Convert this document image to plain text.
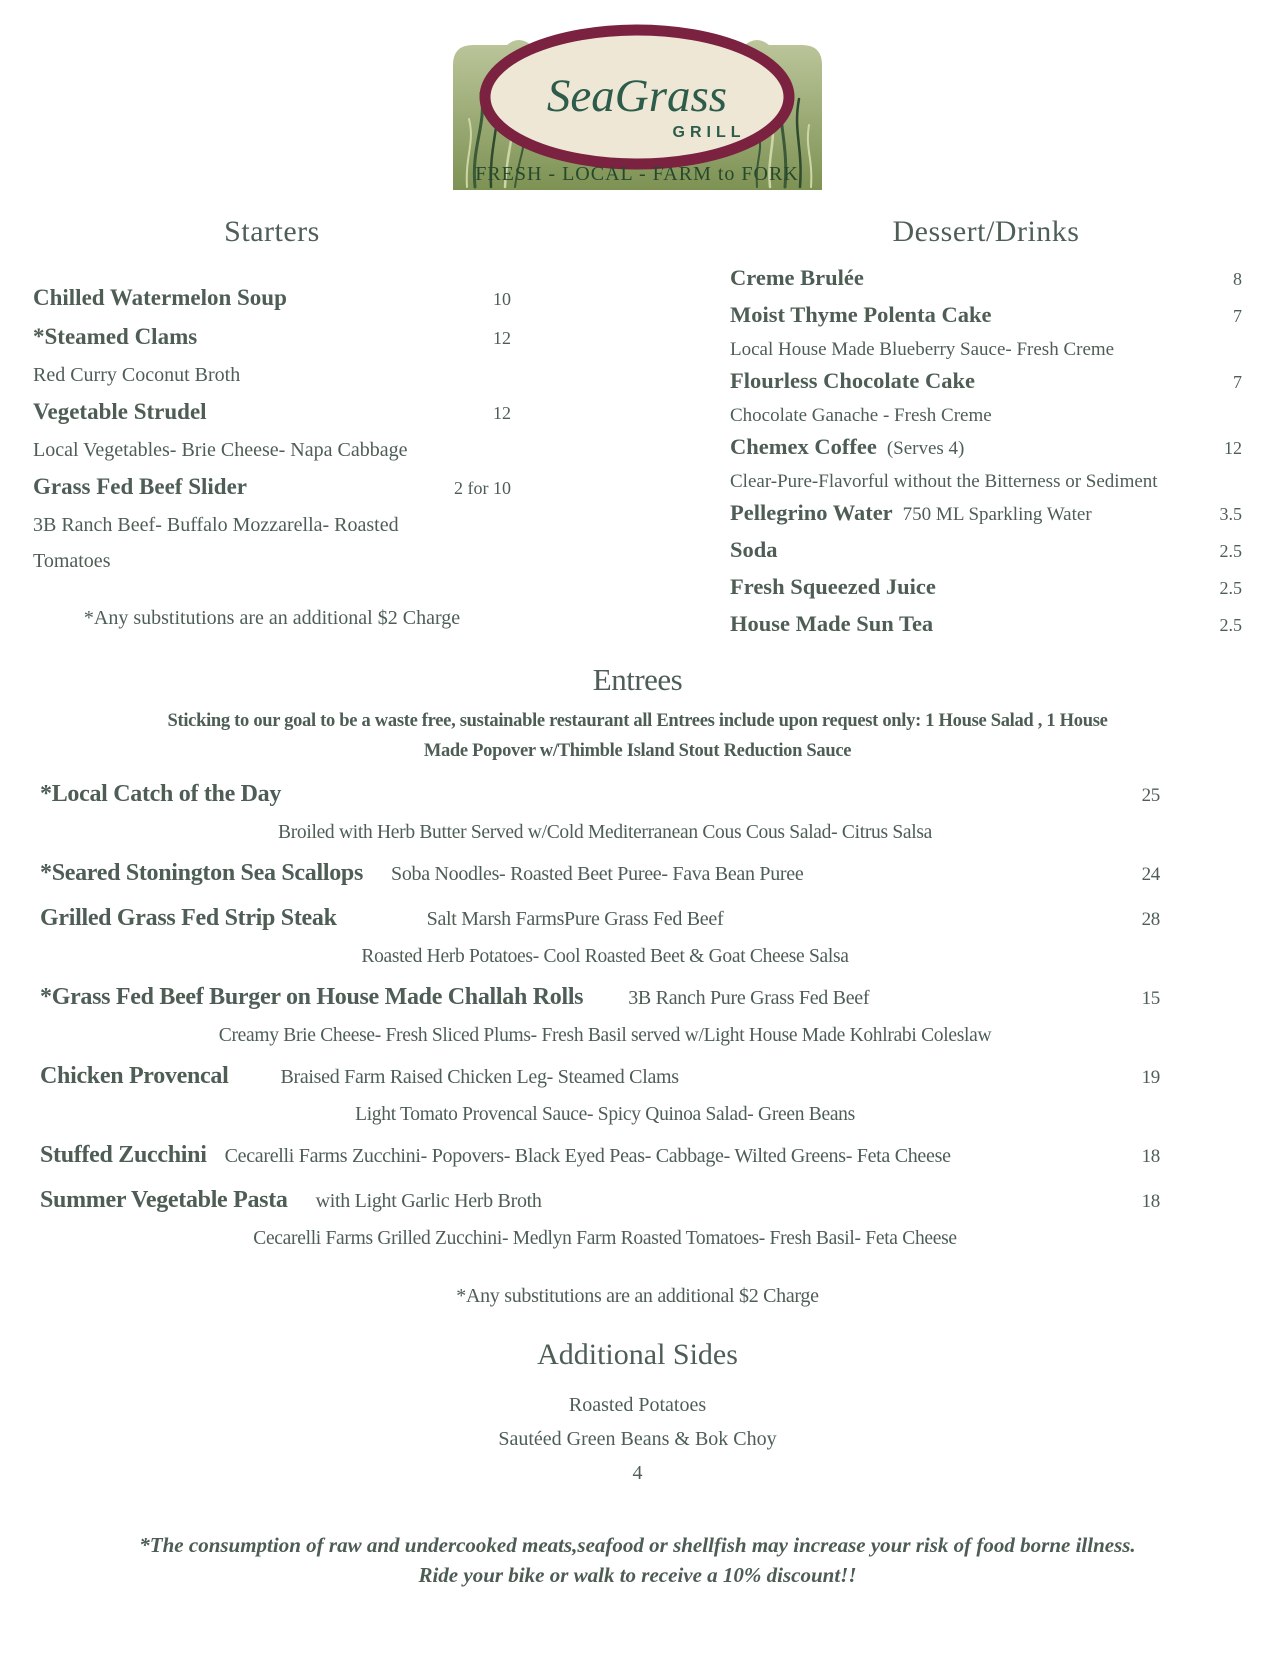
SeaGrass
GRILL
FRESH - LOCAL - FARM to FORK
Starters
Chilled Watermelon Soup	10
*Steamed Clams	12
Red Curry Coconut Broth
Vegetable Strudel	12
Local Vegetables- Brie Cheese- Napa Cabbage
Grass Fed Beef Slider	2 for 10
3B Ranch Beef- Buffalo Mozzarella- Roasted Tomatoes
*Any substitutions are an additional $2 Charge
Dessert/Drinks
Creme Brulée	8
Moist Thyme Polenta Cake	7
Local House Made Blueberry Sauce- Fresh Creme
Flourless Chocolate Cake	7
Chocolate Ganache - Fresh Creme
Chemex Coffee (Serves 4)	12
Clear-Pure-Flavorful without the Bitterness or Sediment
Pellegrino Water 750 ML Sparkling Water	3.5
Soda	2.5
Fresh Squeezed Juice	2.5
House Made Sun Tea	2.5
Entrees
Sticking to our goal to be a waste free, sustainable restaurant all Entrees include upon request only: 1 House Salad , 1 House
Made Popover w/Thimble Island Stout Reduction Sauce
*Local Catch of the Day	25
Broiled with Herb Butter Served w/Cold Mediterranean Cous Cous Salad- Citrus Salsa
*Seared Stonington Sea Scallops Soba Noodles- Roasted Beet Puree- Fava Bean Puree	24
Grilled Grass Fed Strip Steak	Salt Marsh FarmsPure Grass Fed Beef	28
Roasted Herb Potatoes- Cool Roasted Beet & Goat Cheese Salsa
*Grass Fed Beef Burger on House Made Challah Rolls 3B Ranch Pure Grass Fed Beef	15
Creamy Brie Cheese- Fresh Sliced Plums- Fresh Basil served w/Light House Made Kohlrabi Coleslaw
Chicken Provencal	Braised Farm Raised Chicken Leg- Steamed Clams	19
Light Tomato Provencal Sauce- Spicy Quinoa Salad- Green Beans
Stuffed Zucchini Cecarelli Farms Zucchini- Popovers- Black Eyed Peas- Cabbage- Wilted Greens- Feta Cheese	18
Summer Vegetable Pasta with Light Garlic Herb Broth	18
Cecarelli Farms Grilled Zucchini- Medlyn Farm Roasted Tomatoes- Fresh Basil- Feta Cheese
*Any substitutions are an additional $2 Charge
Additional Sides
Roasted Potatoes
Sautéed Green Beans & Bok Choy
4
*The consumption of raw and undercooked meats,seafood or shellfish may increase your risk of food borne illness.
Ride your bike or walk to receive a 10% discount!!
